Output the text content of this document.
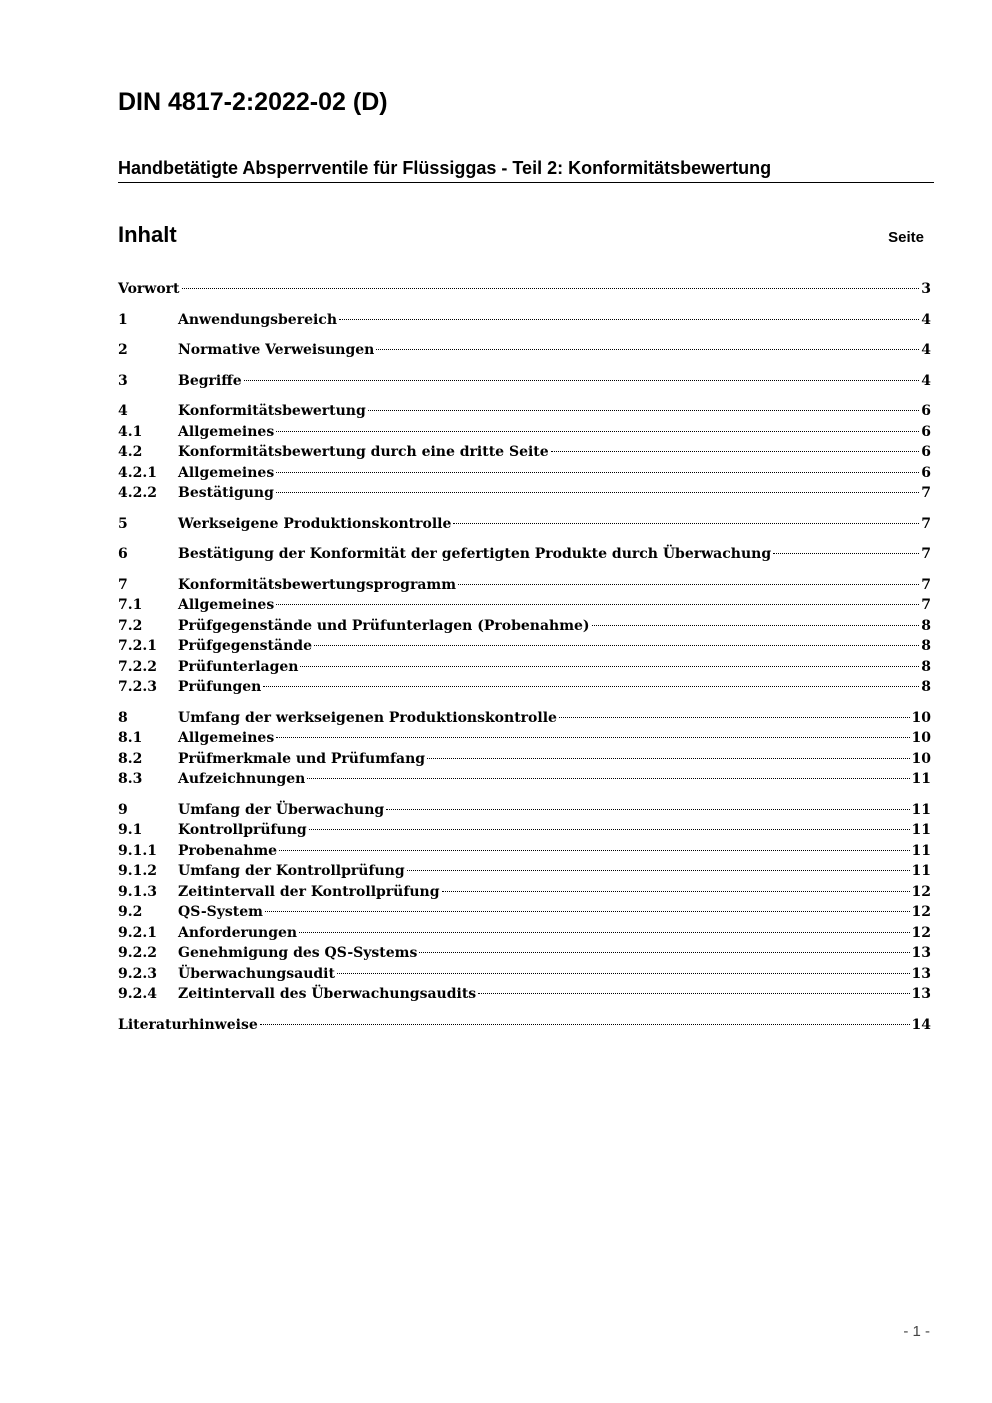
DIN 4817-2:2022-02 (D)
Handbetätigte Absperrventile für Flüssiggas - Teil 2: Konformitätsbewertung
Inhalt	Seite
Vorwort	3
1	Anwendungsbereich	4
2	Normative Verweisungen	4
3	Begriffe	4
4	Konformitätsbewertung	6
4.1	Allgemeines	6
4.2	Konformitätsbewertung durch eine dritte Seite	6
4.2.1	Allgemeines	6
4.2.2	Bestätigung	7
5	Werkseigene Produktionskontrolle	7
6	Bestätigung der Konformität der gefertigten Produkte durch Überwachung	7
7	Konformitätsbewertungsprogramm	7
7.1	Allgemeines	7
7.2	Prüfgegenstände und Prüfunterlagen (Probenahme)	8
7.2.1	Prüfgegenstände	8
7.2.2	Prüfunterlagen	8
7.2.3	Prüfungen	8
8	Umfang der werkseigenen Produktionskontrolle	10
8.1	Allgemeines	10
8.2	Prüfmerkmale und Prüfumfang	10
8.3	Aufzeichnungen	11
9	Umfang der Überwachung	11
9.1	Kontrollprüfung	11
9.1.1	Probenahme	11
9.1.2	Umfang der Kontrollprüfung	11
9.1.3	Zeitintervall der Kontrollprüfung	12
9.2	QS-System	12
9.2.1	Anforderungen	12
9.2.2	Genehmigung des QS-Systems	13
9.2.3	Überwachungsaudit	13
9.2.4	Zeitintervall des Überwachungsaudits	13
Literaturhinweise	14
- 1 -
